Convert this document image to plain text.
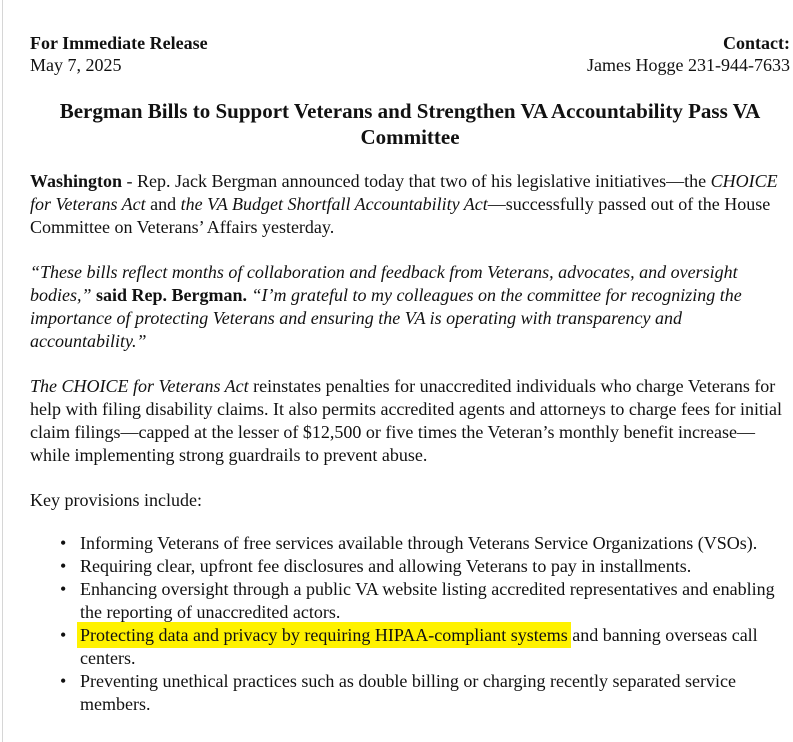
For Immediate Release
May 7, 2025
Contact:
James Hogge 231-944-7633
Bergman Bills to Support Veterans and Strengthen VA Accountability Pass VA Committee

Washington - Rep. Jack Bergman announced today that two of his legislative initiatives—the CHOICE for Veterans Act and the VA Budget Shortfall Accountability Act—successfully passed out of the House Committee on Veterans’ Affairs yesterday.

“These bills reflect months of collaboration and feedback from Veterans, advocates, and oversight bodies,” said Rep. Bergman. “I’m grateful to my colleagues on the committee for recognizing the importance of protecting Veterans and ensuring the VA is operating with transparency and accountability.”

The CHOICE for Veterans Act reinstates penalties for unaccredited individuals who charge Veterans for help with filing disability claims. It also permits accredited agents and attorneys to charge fees for initial claim filings—capped at the lesser of $12,500 or five times the Veteran’s monthly benefit increase—while implementing strong guardrails to prevent abuse.

Key provisions include:

• Informing Veterans of free services available through Veterans Service Organizations (VSOs).
• Requiring clear, upfront fee disclosures and allowing Veterans to pay in installments.
• Enhancing oversight through a public VA website listing accredited representatives and enabling the reporting of unaccredited actors.
• Protecting data and privacy by requiring HIPAA-compliant systems and banning overseas call centers.
• Preventing unethical practices such as double billing or charging recently separated service members.
